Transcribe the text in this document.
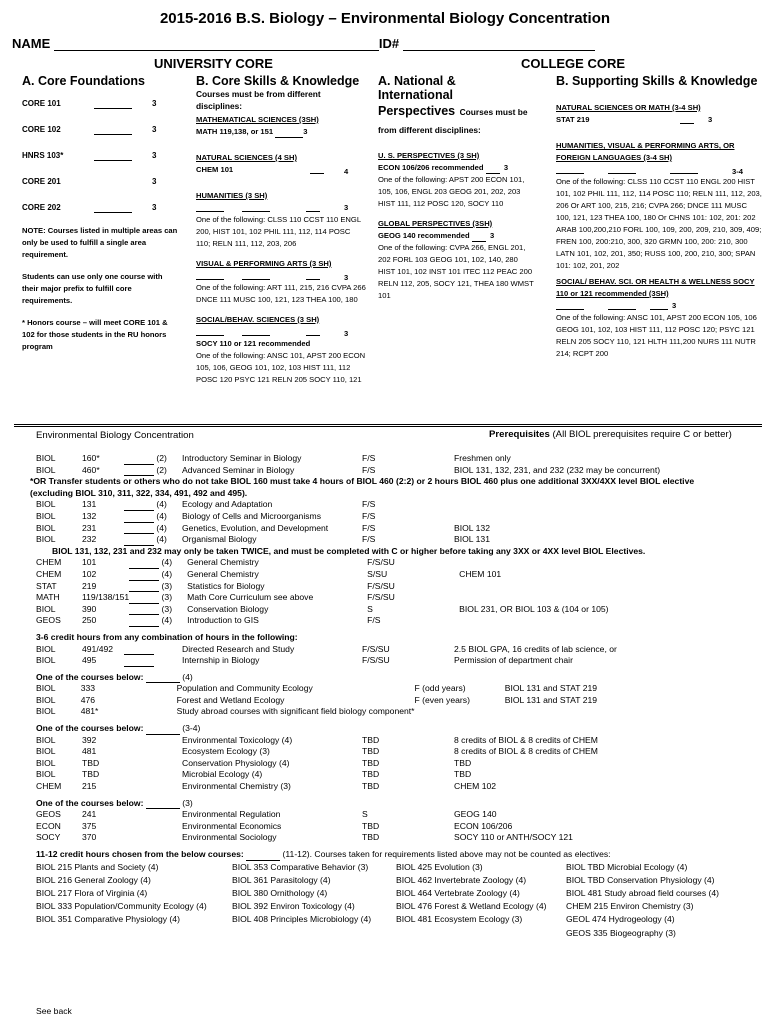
2015-2016 B.S. Biology – Environmental Biology Concentration
NAME	ID#
UNIVERSITY CORE	COLLEGE CORE
A. Core Foundations
CORE 101		3
CORE 102		3
HNRS 103*		3
CORE 201		3
CORE 202		3
NOTE: Courses listed in multiple areas can only be used to fulfill a single area requirement.
Students can use only one course with their major prefix to fulfill core requirements.
* Honors course – will meet CORE 101 & 102 for those students in the RU honors program
B. Core Skills & Knowledge
Courses must be from different disciplines:
MATHEMATICAL SCIENCES (3SH)
MATH 119,138, or 151	3
NATURAL SCIENCES (4 SH)
CHEM 101	4
HUMANITIES (3 SH)
3
One of the following: CLSS 110 CCST 110 ENGL 200, HIST 101, 102 PHIL 111, 112, 114 POSC 110; RELN 111, 112, 203, 206
VISUAL & PERFORMING ARTS (3 SH)
3
One of the following: ART 111, 215, 216 CVPA 266 DNCE 111 MUSC 100, 121, 123 THEA 100, 180
SOCIAL/BEHAV. SCIENCES (3 SH)
3
SOCY 110 or 121 recommended
One of the following: ANSC 101, APST 200 ECON 105, 106, GEOG 101, 102, 103 HIST 111, 112 POSC 120 PSYC 121 RELN 205 SOCY 110, 121
A. National & International
Perspectives Courses must be from different disciplines:
U. S. PERSPECTIVES (3 SH)
ECON 106/206 recommended	3
One of the following: APST 200 ECON 101, 105, 106, ENGL 203 GEOG 201, 202, 203 HIST 111, 112 POSC 120, SOCY 110
GLOBAL PERSPECTIVES (3SH)
GEOG 140 recommended	3
One of the following: CVPA 266, ENGL 201, 202 FORL 103 GEOG 101, 102, 140, 280 HIST 101, 102 INST 101 ITEC 112 PEAC 200 RELN 112, 205, SOCY 121, THEA 180 WMST 101
B. Supporting Skills & Knowledge
NATURAL SCIENCES OR MATH (3-4 SH)
STAT 219	3
HUMANITIES, VISUAL & PERFORMING ARTS, OR FOREIGN LANGUAGES (3-4 SH)
3-4
One of the following: CLSS 110 CCST 110 ENGL 200 HIST 101, 102 PHIL 111, 112, 114 POSC 110; RELN 111, 112, 203, 206 Or ART 100, 215, 216; CVPA 266; DNCE 111 MUSC 100, 121, 123 THEA 100, 180 Or CHNS 101: 102, 201: 202 ARAB 100,200,210 FORL 100, 109, 200, 209, 210, 309, 409; FREN 100, 200:210, 300, 320 GRMN 100, 200: 210, 300 LATN 101, 102, 201, 350; RUSS 100, 200, 210, 300; SPAN 101: 102, 201, 202
SOCIAL/ BEHAV. SCI. OR HEALTH & WELLNESS SOCY 110 or 121 recommended (3SH)
3
One of the following: ANSC 101, APST 200 ECON 105, 106 GEOG 101, 102, 103 HIST 111, 112 POSC 120; PSYC 121 RELN 205 SOCY 110, 121 HLTH 111,200 NURS 111 NUTR 214; RCPT 200
Environmental Biology Concentration	Prerequisites (All BIOL prerequisites require C or better)
BIOL	160*	(2)	Introductory Seminar in Biology	F/S	Freshmen only
BIOL	460*	(2)	Advanced Seminar in Biology	F/S	BIOL 131, 132, 231, and 232 (232 may be concurrent)
*OR Transfer students or others who do not take BIOL 160 must take 4 hours of BIOL 460 (2:2) or 2 hours BIOL 460 plus one additional 3XX/4XX level BIOL elective (excluding BIOL 310, 311, 322, 334, 491, 492 and 495).
BIOL	131	(4)	Ecology and Adaptation	F/S	
BIOL	132	(4)	Biology of Cells and Microorganisms	F/S	
BIOL	231	(4)	Genetics, Evolution, and Development	F/S	BIOL 132
BIOL	232	(4)	Organismal Biology	F/S	BIOL 131
BIOL 131, 132, 231 and 232 may only be taken TWICE, and must be completed with C or higher before taking any 3XX or 4XX level BIOL Electives.
CHEM	101	(4)	General Chemistry	F/S/SU	
CHEM	102	(4)	General Chemistry	S/SU	CHEM 101
STAT	219	(3)	Statistics for Biology	F/S/SU	
MATH	119/138/151	(3)	Math Core Curriculum see above	F/S/SU	
BIOL	390	(3)	Conservation Biology	S	BIOL 231, OR BIOL 103 & (104 or 105)
GEOS	250	(4)	Introduction to GIS	F/S	
3-6 credit hours from any combination of hours in the following:
BIOL	491/492		Directed Research and Study	F/S/SU	2.5 BIOL GPA, 16 credits of lab science, or
BIOL	495		Internship in Biology	F/S/SU	Permission of department chair
One of the courses below:	(4)
BIOL	333		Population and Community Ecology	F (odd years)	BIOL 131 and STAT 219
BIOL	476		Forest and Wetland Ecology	F (even years)	BIOL 131 and STAT 219
BIOL	481*		Study abroad courses with significant field biology component*		
One of the courses below:	(3-4)
BIOL	392		Environmental Toxicology (4)	TBD	8 credits of BIOL & 8 credits of CHEM
BIOL	481		Ecosystem Ecology (3)	TBD	8 credits of BIOL & 8 credits of CHEM
BIOL	TBD		Conservation Physiology (4)	TBD	TBD
BIOL	TBD		Microbial Ecology (4)	TBD	TBD
CHEM	215		Environmental Chemistry (3)	TBD	CHEM 102
One of the courses below:	(3)
GEOS	241		Environmental Regulation	S	GEOG 140
ECON	375		Environmental Economics	TBD	ECON 106/206
SOCY	370		Environmental Sociology	TBD	SOCY 110 or ANTH/SOCY 121
11-12 credit hours chosen from the below courses:	(11-12). Courses taken for requirements listed above may not be counted as electives:
BIOL 215 Plants and Society (4)	BIOL 353 Comparative Behavior (3)	BIOL 425 Evolution (3)	BIOL TBD Microbial Ecology (4)
BIOL 216 General Zoology (4)	BIOL 361 Parasitology (4)	BIOL 462 Invertebrate Zoology (4)	BIOL TBD Conservation Physiology (4)
BIOL 217 Flora of Virginia (4)	BIOL 380 Ornithology (4)	BIOL 464 Vertebrate Zoology (4)	BIOL 481 Study abroad field courses (4)
BIOL 333 Population/Community Ecology (4)	BIOL 392 Environ Toxicology (4)	BIOL 476 Forest & Wetland Ecology (4)	CHEM 215 Environ Chemistry (3)
BIOL 351 Comparative Physiology (4)	BIOL 408 Principles Microbiology (4)	BIOL 481 Ecosystem Ecology (3)	GEOL 474 Hydrogeology (4)
			GEOS 335 Biogeography (3)
See back
